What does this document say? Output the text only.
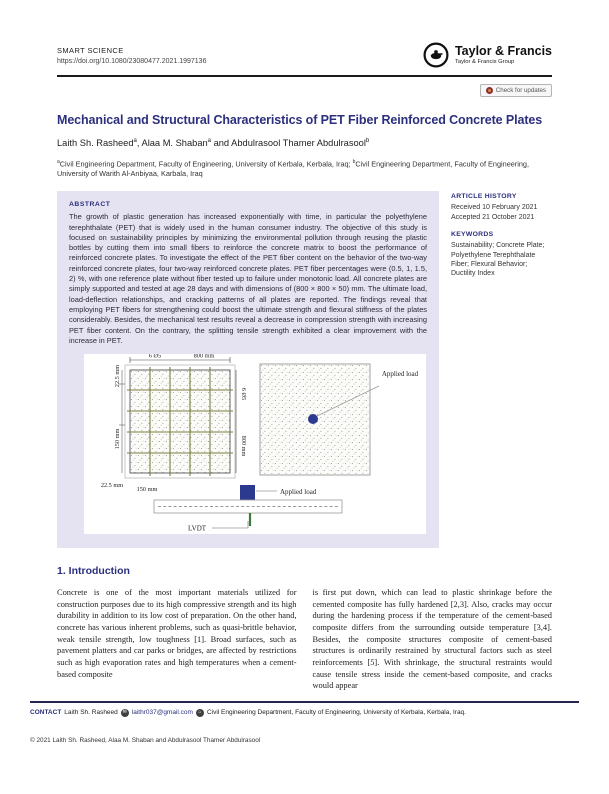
SMART SCIENCE
https://doi.org/10.1080/23080477.2021.1997136
Taylor & Francis
Taylor & Francis Group
Check for updates
Mechanical and Structural Characteristics of PET Fiber Reinforced Concrete Plates
Laith Sh. Rasheed$^a$, Alaa M. Shaban$^a$ and Abdulrasool Thamer Abdulrasool$^b$
$^a$Civil Engineering Department, Faculty of Engineering, University of Kerbala, Kerbala, Iraq; $^b$Civil Engineering Department, Faculty of Engineering, University of Warith Al-Anbiyaa, Karbala, Iraq
ABSTRACT
The growth of plastic generation has increased exponentially with time, in particular the polyethylene terephthalate (PET) that is widely used in the human consumer industry. The objective of this study is focused on sustainability principles by minimizing the environmental pollution through reusing the plastic bottles by cutting them into small fibers to reinforce the concrete matrix to boost the performance of reinforced concrete plates. To investigate the effect of the PET fiber content on the behavior of the two-way reinforced concrete plates, four two-way reinforced concrete plates. PET fiber percentages were (0.5, 1, 1.5, 2) %, with one reference plate without fiber tested up to failure under monotonic load. All concrete plates are simply supported and tested at age 28 days and with dimensions of (800 × 800 × 50) mm. The ultimate load, load-deflection relationships, and cracking patterns of all plates are reported. The findings reveal that employing PET fibers for strengthening could boost the ultimate strength and flexural stiffness of the plates considerably. Besides, the mechanical test results reveal a decrease in compression strength with increasing PET fiber content. On the contrary, the splitting tensile strength exhibited a clear improvement with the increase in PET.
6 Ø5	800 mm
6 Ø5
800 mm
22.5 mm
150 mm
22.5 mm
150 mm	Applied load
LVDT
Applied load
ARTICLE HISTORY

Received 10 February 2021

Accepted 21 October 2021

KEYWORDS

Sustainability; Concrete Plate; Polyethylene Terephthalate Fiber; Flexural Behavior; Ductility Index

1. Introduction
Concrete is one of the most important materials utilized for construction purposes due to its high compressive strength and its high durability in addition to its low cost of preparation. On the other hand, concrete has various inherent problems, such as quasi-brittle behavior, weak tensile strength, low toughness [1]. Broad surfaces, such as pavement platters and car parks or bridges, are affected by restrictions such as high evaporation rates and high temperatures when a cement-based composite
is first put down, which can lead to plastic shrinkage before the cemented composite has fully hardened [2,3]. Also, cracks may occur during the hardening process if the temperature of the cement-based composite differs from the surrounding outside temperature [3,4]. Besides, the composite structures composite of cement-based structures is ordinarily restrained by structural factors such as steel reinforcements [5]. With shrinkage, the structural restraints would cause tensile stress inside the cement-based composite, and cracks would appear
CONTACT Laith Sh. Rasheed ✉ laithr037@gmail.com	⌂ Civil Engineering Department, Faculty of Engineering, University of Kerbala, Kerbala, Iraq.
© 2021 Laith Sh. Rasheed, Alaa M. Shaban and Abdulrasool Thamer Abdulrasool
